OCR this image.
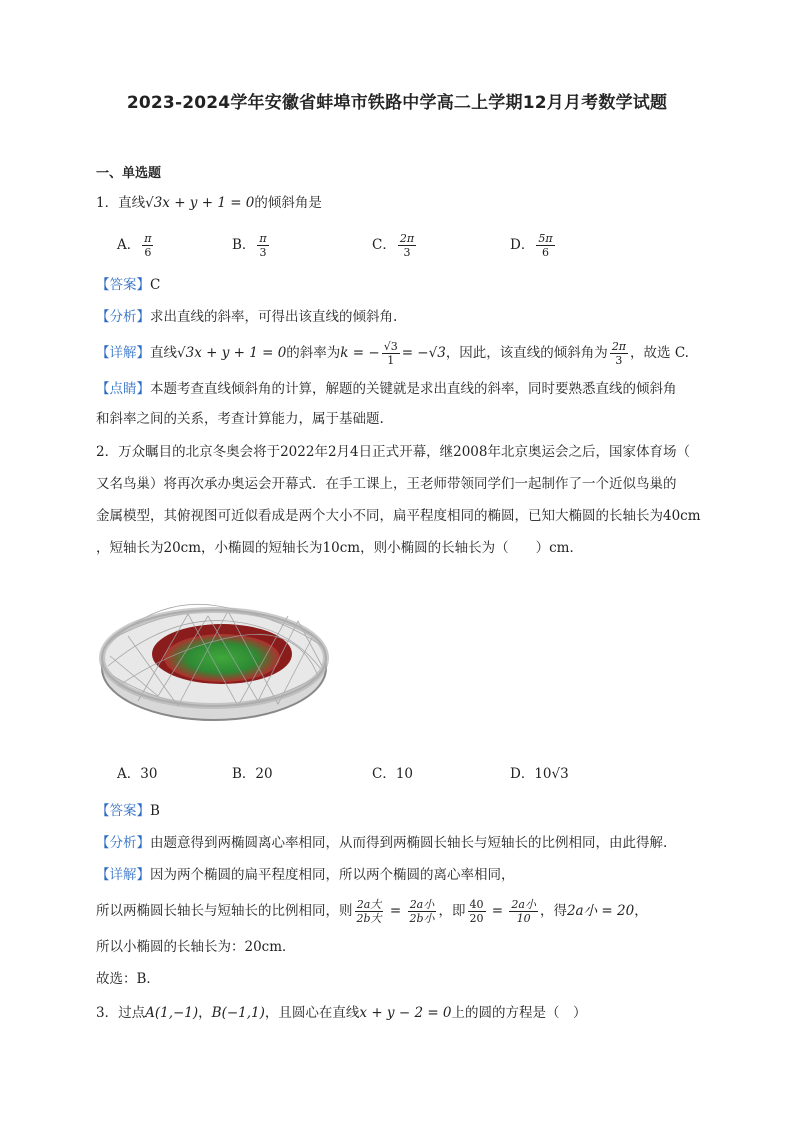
2023-2024学年安徽省蚌埠市铁路中学高二上学期12月月考数学试题
一、单选题
1．直线√3x + y + 1 = 0的倾斜角是
A． $\frac{\pi}{6}$	B． $\frac{\pi}{3}$	C． $\frac{2\pi}{3}$	D． $\frac{5\pi}{6}$
【答案】C
【分析】求出直线的斜率，可得出该直线的倾斜角.
【详解】直线√3x + y + 1 = 0的斜率为k = − $\frac{√3}{1} = -√3$，因此，该直线的倾斜角为 $\frac{2\pi}{3}$ ，故选 C.
【点睛】本题考查直线倾斜角的计算，解题的关键就是求出直线的斜率，同时要熟悉直线的倾斜角
和斜率之间的关系，考查计算能力，属于基础题.
2．万众瞩目的北京冬奥会将于2022年2月4日正式开幕，继2008年北京奥运会之后，国家体育场（
又名鸟巢）将再次承办奥运会开幕式．在手工课上，王老师带领同学们一起制作了一个近似鸟巢的
金属模型，其俯视图可近似看成是两个大小不同，扁平程度相同的椭圆，已知大椭圆的长轴长为40cm
，短轴长为20cm，小椭圆的短轴长为10cm，则小椭圆的长轴长为（　　）cm．
A．30	B．20	C．10	D．10√3
【答案】B
【分析】由题意得到两椭圆离心率相同，从而得到两椭圆长轴长与短轴长的比例相同，由此得解.
【详解】因为两个椭圆的扁平程度相同，所以两个椭圆的离心率相同，
所以两椭圆长轴长与短轴长的比例相同，则 $\frac{\text{2a大}}{\text{2b大}} = \frac{\text{2a小}}{\text{2b小}}$ ，即 $\frac{40}{20} = \frac{\text{2a小}}{10}$ ，得2a小 = 20，
所以小椭圆的长轴长为：20cm．
故选：B．
3．过点A(1,−1)，B(−1,1)，且圆心在直线x + y − 2 = 0上的圆的方程是（　）
